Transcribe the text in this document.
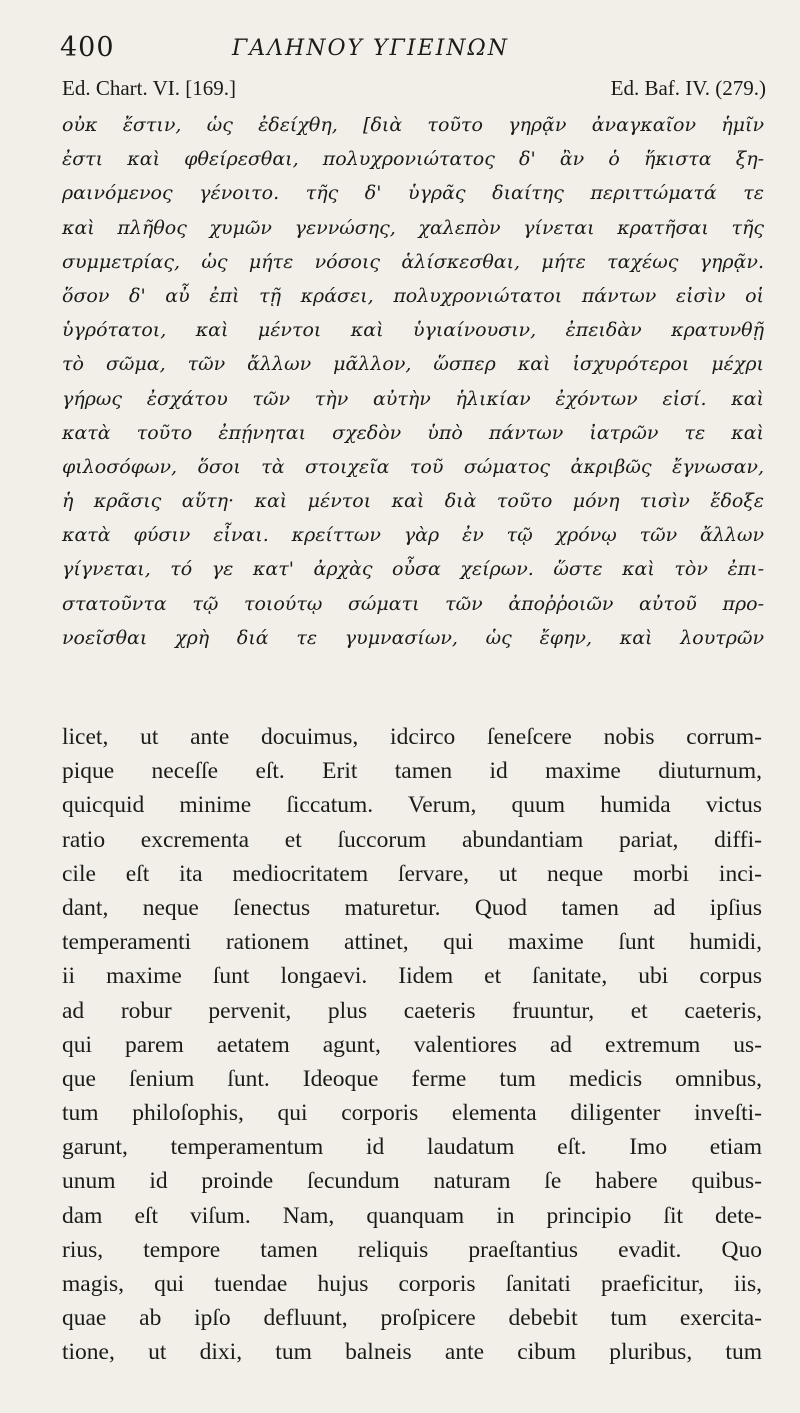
400	ΓΑΛΗΝΟΥ ΥΓΙΕΙΝΩΝ
Ed. Chart. VI. [169.]	Ed. Baf. IV. (279.)
οὐκ ἔστιν, ὡς ἐδείχθη, [διὰ τοῦτο γηρᾷν ἀναγκαῖον ἡμῖν
ἐστι καὶ φθείρεσθαι, πολυχρονιώτατος δ' ἂν ὁ ἥκιστα ξη-
ραινόμενος γένοιτο. τῆς δ' ὑγρᾶς διαίτης περιττώματά τε
καὶ πλῆθος χυμῶν γεννώσης, χαλεπὸν γίνεται κρατῆσαι τῆς
συμμετρίας, ὡς μήτε νόσοις ἁλίσκεσθαι, μήτε ταχέως γηρᾷν.
ὅσον δ' αὖ ἐπὶ τῇ κράσει, πολυχρονιώτατοι πάντων εἰσὶν οἱ
ὑγρότατοι, καὶ μέντοι καὶ ὑγιαίνουσιν, ἐπειδὰν κρατυνθῇ
τὸ σῶμα, τῶν ἄλλων μᾶλλον, ὥσπερ καὶ ἰσχυρότεροι μέχρι
γήρως ἐσχάτου τῶν τὴν αὐτὴν ἡλικίαν ἐχόντων εἰσί. καὶ
κατὰ τοῦτο ἐπῄνηται σχεδὸν ὑπὸ πάντων ἰατρῶν τε καὶ
φιλοσόφων, ὅσοι τὰ στοιχεῖα τοῦ σώματος ἀκριβῶς ἔγνωσαν,
ἡ κρᾶσις αὕτη· καὶ μέντοι καὶ διὰ τοῦτο μόνη τισὶν ἔδοξε
κατὰ φύσιν εἶναι. κρείττων γὰρ ἐν τῷ χρόνῳ τῶν ἄλλων
γίγνεται, τό γε κατ' ἀρχὰς οὖσα χείρων. ὥστε καὶ τὸν ἐπι-
στατοῦντα τῷ τοιούτῳ σώματι τῶν ἀποῤῥοιῶν αὐτοῦ προ-
νοεῖσθαι χρὴ διά τε γυμνασίων, ὡς ἔφην, καὶ λουτρῶν
licet, ut ante docuimus, idcirco ſeneſcere nobis corrum-
pique neceſſe eſt. Erit tamen id maxime diuturnum,
quicquid minime ſiccatum. Verum, quum humida victus
ratio excrementa et ſuccorum abundantiam pariat, diffi-
cile eſt ita mediocritatem ſervare, ut neque morbi inci-
dant, neque ſenectus maturetur. Quod tamen ad ipſius
temperamenti rationem attinet, qui maxime ſunt humidi,
ii maxime ſunt longaevi. Iidem et ſanitate, ubi corpus
ad robur pervenit, plus caeteris fruuntur, et caeteris,
qui parem aetatem agunt, valentiores ad extremum us-
que ſenium ſunt. Ideoque ferme tum medicis omnibus,
tum philoſophis, qui corporis elementa diligenter inveſti-
garunt, temperamentum id laudatum eſt. Imo etiam
unum id proinde ſecundum naturam ſe habere quibus-
dam eſt viſum. Nam, quanquam in principio ſit dete-
rius, tempore tamen reliquis praeſtantius evadit. Quo
magis, qui tuendae hujus corporis ſanitati praeficitur, iis,
quae ab ipſo defluunt, proſpicere debebit tum exercita-
tione, ut dixi, tum balneis ante cibum pluribus, tum
